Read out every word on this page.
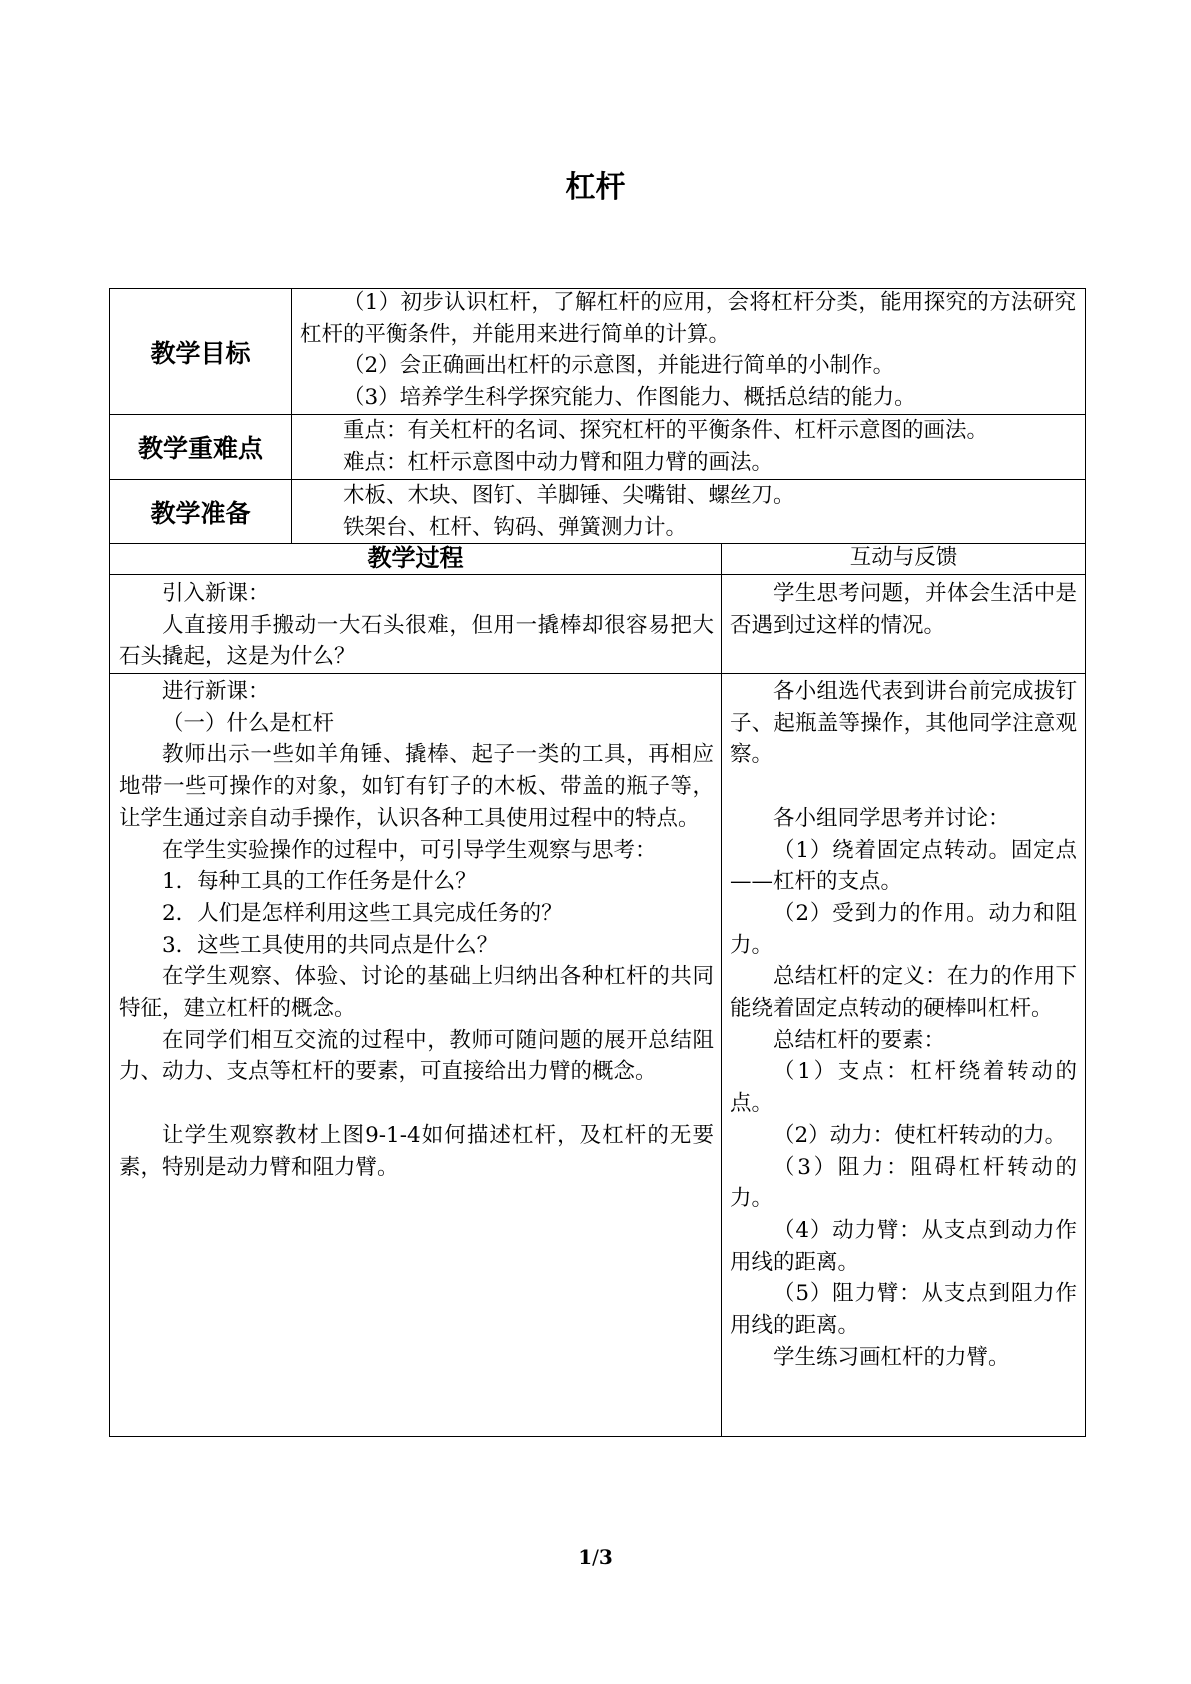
杠杆
教学目标

（1）初步认识杠杆，了解杠杆的应用，会将杠杆分类，能用探究的方法研究杠杆的平衡条件，并能用来进行简单的计算。

（2）会正确画出杠杆的示意图，并能进行简单的小制作。

（3）培养学生科学探究能力、作图能力、概括总结的能力。

教学重难点

重点：有关杠杆的名词、探究杠杆的平衡条件、杠杆示意图的画法。

难点：杠杆示意图中动力臂和阻力臂的画法。

教学准备

木板、木块、图钉、羊脚锤、尖嘴钳、螺丝刀。

铁架台、杠杆、钩码、弹簧测力计。

教学过程	互动与反馈

引入新课：

人直接用手搬动一大石头很难，但用一撬棒却很容易把大石头撬起，这是为什么？

学生思考问题，并体会生活中是否遇到过这样的情况。

进行新课：

（一）什么是杠杆

教师出示一些如羊角锤、撬棒、起子一类的工具，再相应地带一些可操作的对象，如钉有钉子的木板、带盖的瓶子等，让学生通过亲自动手操作，认识各种工具使用过程中的特点。

在学生实验操作的过程中，可引导学生观察与思考：

1．每种工具的工作任务是什么？

2．人们是怎样利用这些工具完成任务的？

3．这些工具使用的共同点是什么？

在学生观察、体验、讨论的基础上归纳出各种杠杆的共同特征，建立杠杆的概念。

在同学们相互交流的过程中，教师可随问题的展开总结阻力、动力、支点等杠杆的要素，可直接给出力臂的概念。

让学生观察教材上图9-1-4如何描述杠杆，及杠杆的无要素，特别是动力臂和阻力臂。

各小组选代表到讲台前完成拔钉子、起瓶盖等操作，其他同学注意观察。

各小组同学思考并讨论：

（1）绕着固定点转动。固定点——杠杆的支点。

（2）受到力的作用。动力和阻力。

总结杠杆的定义：在力的作用下能绕着固定点转动的硬棒叫杠杆。

总结杠杆的要素：

（1）支点：杠杆绕着转动的点。

（2）动力：使杠杆转动的力。

（3）阻力：阻碍杠杆转动的力。

（4）动力臂：从支点到动力作用线的距离。

（5）阻力臂：从支点到阻力作用线的距离。

学生练习画杠杆的力臂。

1/3
